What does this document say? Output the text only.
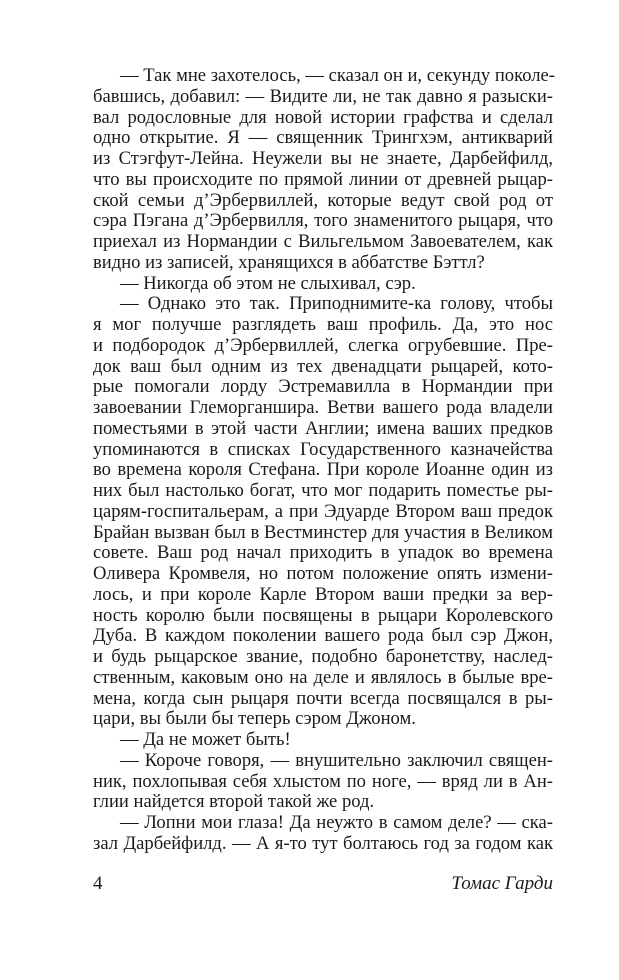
— Так мне захотелось, — сказал он и, секунду поколе-
бавшись, добавил: — Видите ли, не так давно я разыски-
вал родословные для новой истории графства и сделал
одно открытие. Я — священник Трингхэм, антикварий
из Стэгфут-Лейна. Неужели вы не знаете, Дарбейфилд,
что вы происходите по прямой линии от древней рыцар-
ской семьи д’Эрбервиллей, которые ведут свой род от
сэра Пэгана д’Эрбервилля, того знаменитого рыцаря, что
приехал из Нормандии с Вильгельмом Завоевателем, как
видно из записей, хранящихся в аббатстве Бэттл?
— Никогда об этом не слыхивал, сэр.
— Однако это так. Приподнимите-ка голову, чтобы
я мог получше разглядеть ваш профиль. Да, это нос
и подбородок д’Эрбервиллей, слегка огрубевшие. Пре-
док ваш был одним из тех двенадцати рыцарей, кото-
рые помогали лорду Эстремавилла в Нормандии при
завоевании Глеморганшира. Ветви вашего рода владели
поместьями в этой части Англии; имена ваших предков
упоминаются в списках Государственного казначейства
во времена короля Стефана. При короле Иоанне один из
них был настолько богат, что мог подарить поместье ры-
царям-госпитальерам, а при Эдуарде Втором ваш предок
Брайан вызван был в Вестминстер для участия в Великом
совете. Ваш род начал приходить в упадок во времена
Оливера Кромвеля, но потом положение опять измени-
лось, и при короле Карле Втором ваши предки за вер-
ность королю были посвящены в рыцари Королевского
Дуба. В каждом поколении вашего рода был сэр Джон,
и будь рыцарское звание, подобно баронетству, наслед-
ственным, каковым оно на деле и являлось в былые вре-
мена, когда сын рыцаря почти всегда посвящался в ры-
цари, вы были бы теперь сэром Джоном.
— Да не может быть!
— Короче говоря, — внушительно заключил священ-
ник, похлопывая себя хлыстом по ноге, — вряд ли в Ан-
глии найдется второй такой же род.
— Лопни мои глаза! Да неужто в самом деле? — ска-
зал Дарбейфилд. — А я-то тут болтаюсь год за годом как
4	Томас Гарди
